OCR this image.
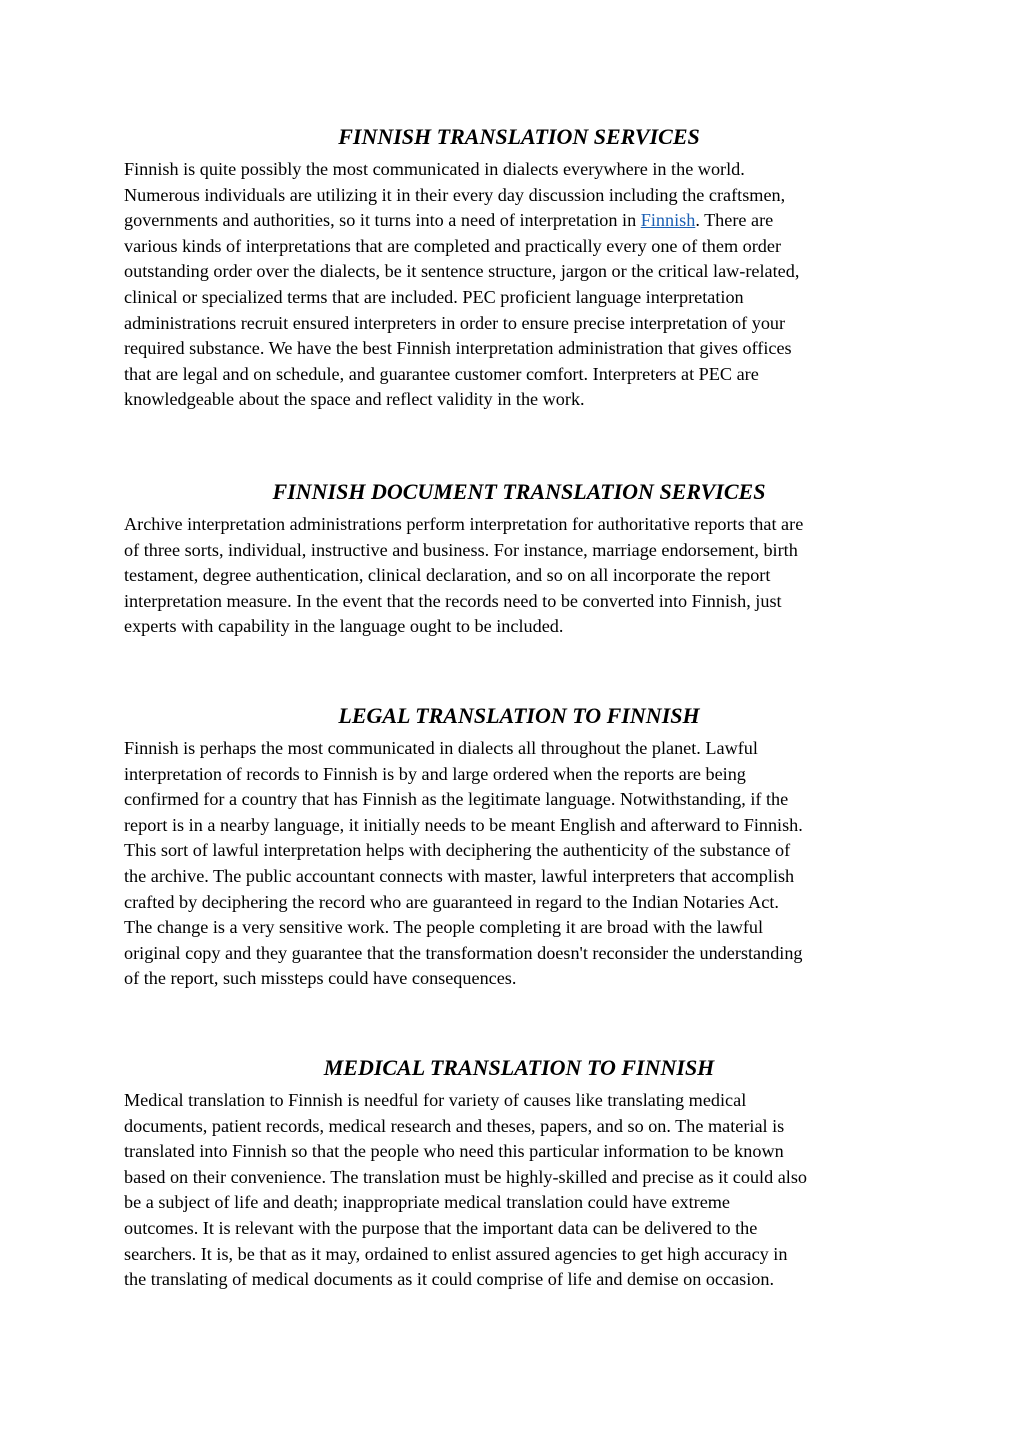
FINNISH TRANSLATION SERVICES

Finnish is quite possibly the most communicated in dialects everywhere in the world.
Numerous individuals are utilizing it in their every day discussion including the craftsmen,
governments and authorities, so it turns into a need of interpretation in Finnish. There are
various kinds of interpretations that are completed and practically every one of them order
outstanding order over the dialects, be it sentence structure, jargon or the critical law-related,
clinical or specialized terms that are included. PEC proficient language interpretation
administrations recruit ensured interpreters in order to ensure precise interpretation of your
required substance. We have the best Finnish interpretation administration that gives offices
that are legal and on schedule, and guarantee customer comfort. Interpreters at PEC are
knowledgeable about the space and reflect validity in the work.

FINNISH DOCUMENT TRANSLATION SERVICES

Archive interpretation administrations perform interpretation for authoritative reports that are
of three sorts, individual, instructive and business. For instance, marriage endorsement, birth
testament, degree authentication, clinical declaration, and so on all incorporate the report
interpretation measure. In the event that the records need to be converted into Finnish, just
experts with capability in the language ought to be included.

LEGAL TRANSLATION TO FINNISH

Finnish is perhaps the most communicated in dialects all throughout the planet. Lawful
interpretation of records to Finnish is by and large ordered when the reports are being
confirmed for a country that has Finnish as the legitimate language. Notwithstanding, if the
report is in a nearby language, it initially needs to be meant English and afterward to Finnish.
This sort of lawful interpretation helps with deciphering the authenticity of the substance of
the archive. The public accountant connects with master, lawful interpreters that accomplish
crafted by deciphering the record who are guaranteed in regard to the Indian Notaries Act.
The change is a very sensitive work. The people completing it are broad with the lawful
original copy and they guarantee that the transformation doesn't reconsider the understanding
of the report, such missteps could have consequences.

MEDICAL TRANSLATION TO FINNISH

Medical translation to Finnish is needful for variety of causes like translating medical
documents, patient records, medical research and theses, papers, and so on. The material is
translated into Finnish so that the people who need this particular information to be known
based on their convenience. The translation must be highly-skilled and precise as it could also
be a subject of life and death; inappropriate medical translation could have extreme
outcomes. It is relevant with the purpose that the important data can be delivered to the
searchers. It is, be that as it may, ordained to enlist assured agencies to get high accuracy in
the translating of medical documents as it could comprise of life and demise on occasion.
